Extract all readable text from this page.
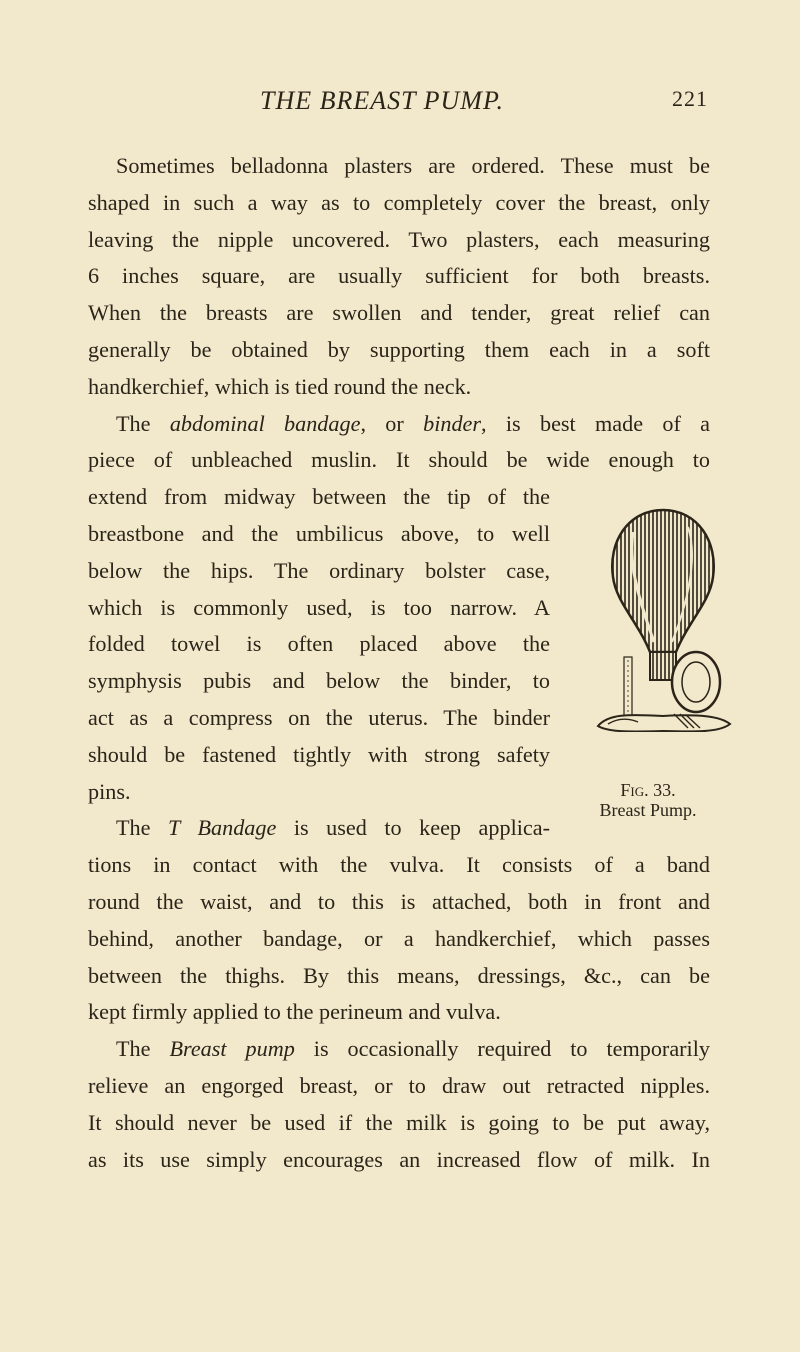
THE BREAST PUMP.	221
Sometimes belladonna plasters are ordered. These must be
shaped in such a way as to completely cover the breast, only
leaving the nipple uncovered. Two plasters, each measuring
6 inches square, are usually sufficient for both breasts.
When the breasts are swollen and tender, great relief can
generally be obtained by supporting them each in a soft
handkerchief, which is tied round the neck.
The abdominal bandage, or binder, is best made of a
piece of unbleached muslin. It should be wide enough to
extend from midway between the tip of the
breastbone and the umbilicus above, to well
below the hips. The ordinary bolster case,
which is commonly used, is too narrow. A
folded towel is often placed above the
symphysis pubis and below the binder, to
act as a compress on the uterus. The binder
should be fastened tightly with strong safety
pins.
The T Bandage is used to keep applica-
tions in contact with the vulva. It consists of a band
round the waist, and to this is attached, both in front and
behind, another bandage, or a handkerchief, which passes
between the thighs. By this means, dressings, &c., can be
kept firmly applied to the perineum and vulva.
The Breast pump is occasionally required to temporarily
relieve an engorged breast, or to draw out retracted nipples.
It should never be used if the milk is going to be put away,
as its use simply encourages an increased flow of milk. In
Fig. 33.
Breast Pump.
